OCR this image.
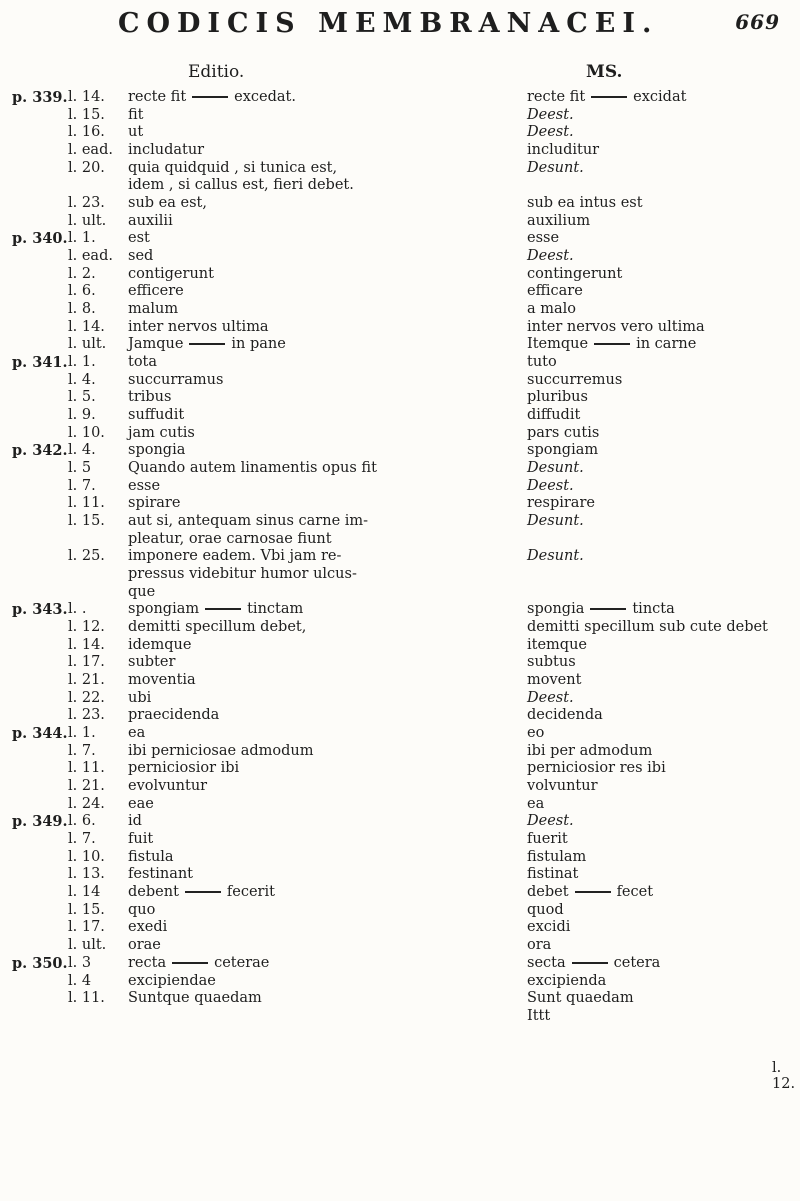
CODICIS MEMBRANACEI.	669
Editio.	MS.
p. 339. l. 14.	recte fit	excedat.	recte fit	excidat
l. 15.	fit	Deest.
l. 16.	ut	Deest.
l. ead.	includatur	includitur
l. 20.	quia quidquid , si tunica est,	Desunt.
idem , si callus est, fieri debet.
l. 23.	sub ea est,	sub ea intus est
l. ult.	auxilii	auxilium
p. 340. l. 1.	est	esse
l. ead.	sed	Deest.
l. 2.	contigerunt	contingerunt
l. 6.	efficere	efficare
l. 8.	malum	a malo
l. 14.	inter nervos ultima	inter nervos vero ultima
l. ult.	Jamque	in pane	Itemque	in carne
p. 341. l. 1.	tota	tuto
l. 4.	succurramus	succurremus
l. 5.	tribus	pluribus
l. 9.	suffudit	diffudit
l. 10.	jam cutis	pars cutis
p. 342. l. 4.	spongia	spongiam
l. 5	Quando autem linamentis opus fit	Desunt.
l. 7.	esse	Deest.
l. 11.	spirare	respirare
l. 15.	aut si, antequam sinus carne im-	Desunt.
pleatur, orae carnosae fiunt
l. 25.	imponere eadem. Vbi jam re-	Desunt.
pressus videbitur humor ulcus-
que
p. 343. l. .	spongiam	tinctam	spongia	tincta
l. 12.	demitti specillum debet,	demitti specillum sub cute debet
l. 14.	idemque	itemque
l. 17.	subter	subtus
l. 21.	moventia	movent
l. 22.	ubi	Deest.
l. 23.	praecidenda	decidenda
p. 344. l. 1.	ea	eo
l. 7.	ibi perniciosae admodum	ibi per admodum
l. 11.	perniciosior ibi	perniciosior res ibi
l. 21.	evolvuntur	volvuntur
l. 24.	eae	ea
p. 349. l. 6.	id	Deest.
l. 7.	fuit	fuerit
l. 10.	fistula	fistulam
l. 13.	festinant	fistinat
l. 14	debent	fecerit	debet	fecet
l. 15.	quo	quod
l. 17.	exedi	excidi
l. ult.	orae	ora
p. 350. l. 3	recta	ceterae	secta	cetera
l. 4	excipiendae	excipienda
l. 11.	Suntque quaedam	Sunt quaedam
Ittt
l. 12.
